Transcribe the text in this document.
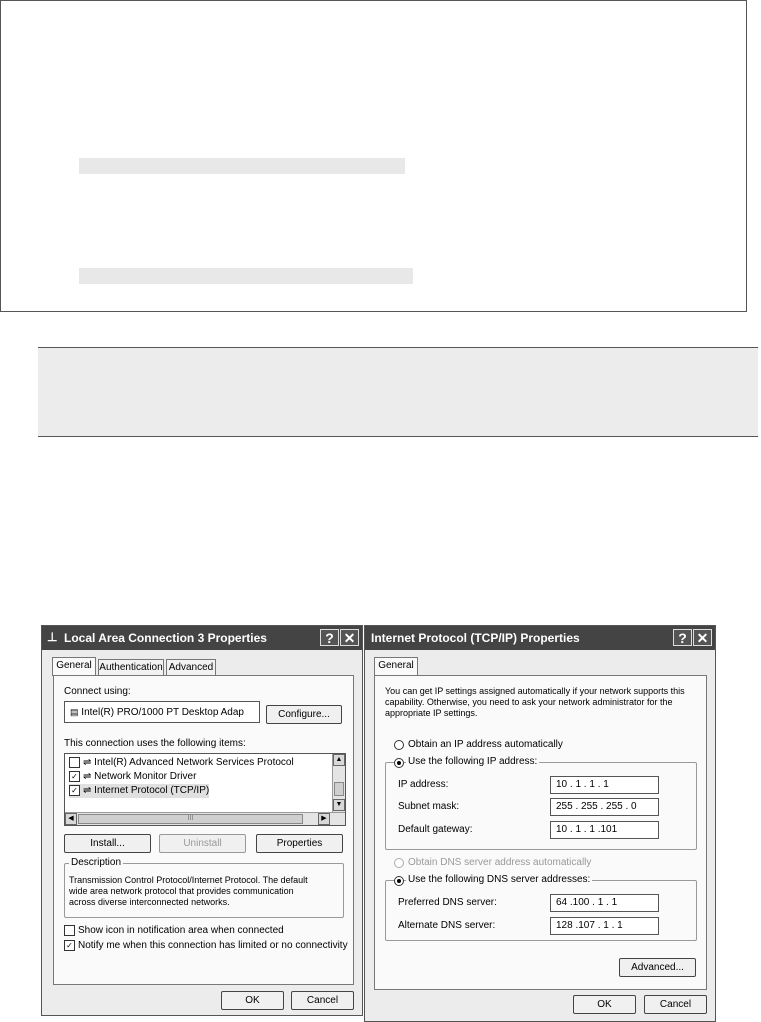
⊥ Local Area Connection 3 Properties	? ✕
General Authentication Advanced
Connect using:
▤ Intel(R) PRO/1000 PT Desktop Adap	Configure...
This connection uses the following items:
⇌ Intel(R) Advanced Network Services Protocol
✓ ⇌ Network Monitor Driver
✓ ⇌ Internet Protocol (TCP/IP)
▲
▼
◀	III	▶
Install...	Uninstall	Properties
Description
Transmission Control Protocol/Internet Protocol. The default wide area network protocol that provides communication across diverse interconnected networks.
Show icon in notification area when connected
✓ Notify me when this connection has limited or no connectivity
OK	Cancel
Internet Protocol (TCP/IP) Properties	? ✕
General
You can get IP settings assigned automatically if your network supports this capability. Otherwise, you need to ask your network administrator for the appropriate IP settings.
Obtain an IP address automatically
Use the following IP address:
IP address:	10 . 1 . 1 . 1
Subnet mask:	255 . 255 . 255 . 0
Default gateway:	10 . 1 . 1 .101
Obtain DNS server address automatically
Use the following DNS server addresses:
Preferred DNS server:	64 .100 . 1 . 1
Alternate DNS server:	128 .107 . 1 . 1
Advanced...
OK	Cancel
